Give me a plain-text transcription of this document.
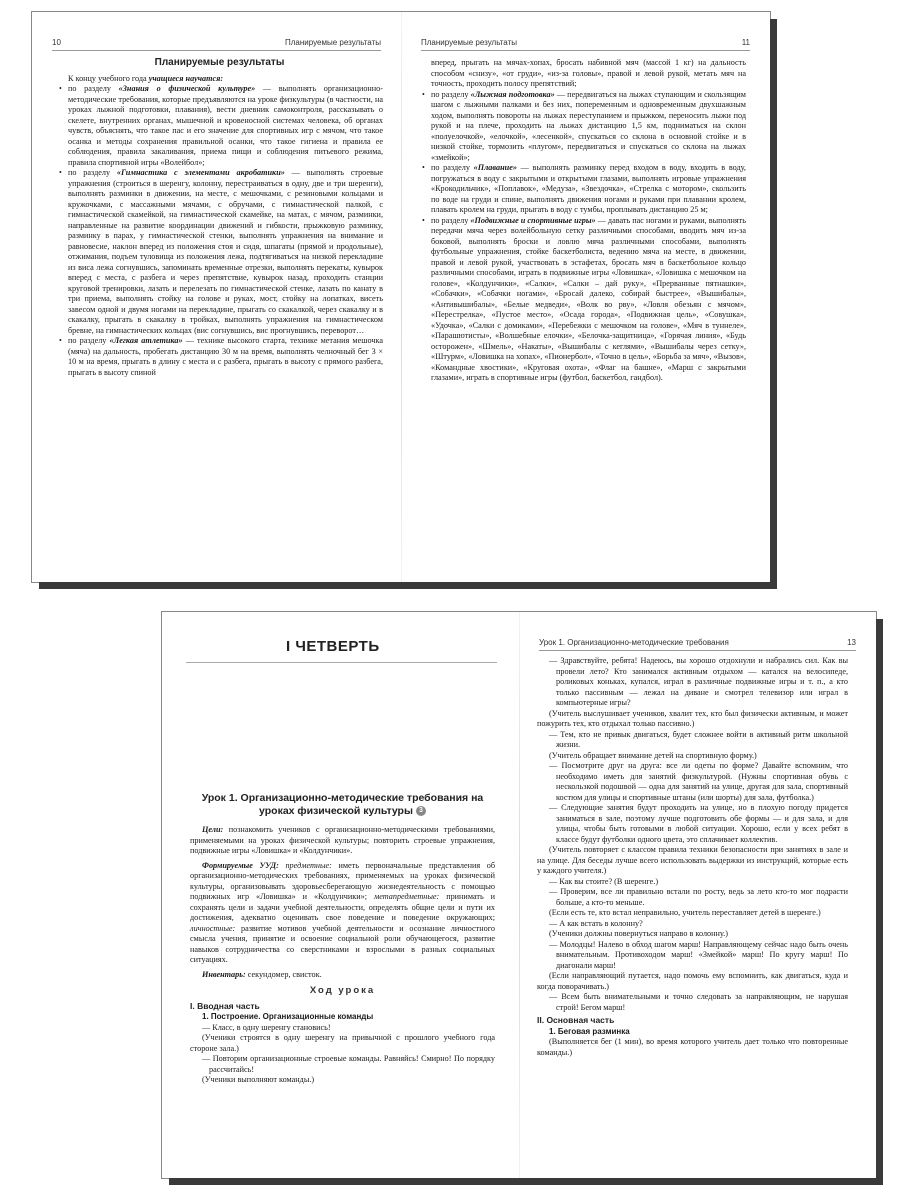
10	Планируемые результаты
Планируемые результаты

К концу учебного года учащиеся научатся:

• по разделу «Знания о физической культуре» — выполнять организационно-методические требования, которые предъявляются на уроке физкультуры (в частности, на уроках лыжной подготовки, плавания), вести дневник самоконтроля, рассказывать о скелете, внутренних органах, мышечной и кровеносной системах человека, об органах чувств, объяснять, что такое пас и его значение для спортивных игр с мячом, что такое осанка и методы сохранения правильной осанки, что такое гигиена и правила ее соблюдения, правила закаливания, приема пищи и соблюдения питьевого режима, правила спортивной игры «Волейбол»;

• по разделу «Гимнастика с элементами акробатики» — выполнять строевые упражнения (строиться в шеренгу, колонну, перестраиваться в одну, две и три шеренги), выполнять разминки в движении, на месте, с мешочками, с резиновыми кольцами и кружочками, с массажными мячами, с обручами, с гимнастической палкой, с гимнастической скамейкой, на гимнастической скамейке, на матах, с мячом, разминки, направленные на развитие координации движений и гибкости, прыжковую разминку, разминку в парах, у гимнастической стенки, выполнять упражнения на внимание и равновесие, наклон вперед из положения стоя и сидя, шпагаты (прямой и продольные), отжимания, подъем туловища из положения лежа, подтягиваться на низкой перекладине из виса лежа согнувшись, запоминать временные отрезки, выполнять перекаты, кувырок вперед с места, с разбега и через препятствие, кувырок назад, проходить станции круговой тренировки, лазать и перелезать по гимнастической стенке, лазать по канату в три приема, выполнять стойку на голове и руках, мост, стойку на лопатках, висеть завесом одной и двумя ногами на перекладине, прыгать со скакалкой, через скакалку и в скакалку, прыгать в скакалку в тройках, выполнять упражнения на гимнастическом бревне, на гимнастических кольцах (вис согнувшись, вис прогнувшись, переворот…

• по разделу «Легкая атлетика» — технике высокого старта, технике метания мешочка (мяча) на дальность, пробегать дистанцию 30 м на время, выполнять челночный бег 3 × 10 м на время, прыгать в длину с места и с разбега, прыгать в высоту с прямого разбега, прыгать в высоту спиной

Планируемые результаты	11

вперед, прыгать на мячах-хопах, бросать набивной мяч (массой 1 кг) на дальность способом «снизу», «от груди», «из-за головы», правой и левой рукой, метать мяч на точность, проходить полосу препятствий;

• по разделу «Лыжная подготовка» — передвигаться на лыжах ступающим и скользящим шагом с лыжными палками и без них, попеременным и одновременным двухшажным ходом, выполнять повороты на лыжах переступанием и прыжком, переносить лыжи под рукой и на плече, проходить на лыжах дистанцию 1,5 км, подниматься на склон «полуелочкой», «елочкой», «лесенкой», спускаться со склона в основной стойке и в низкой стойке, тормозить «плугом», передвигаться и спускаться со склона на лыжах «змейкой»;

• по разделу «Плавание» — выполнять разминку перед входом в воду, входить в воду, погружаться в воду с закрытыми и открытыми глазами, выполнять игровые упражнения «Крокодильчик», «Поплавок», «Медуза», «Звездочка», «Стрелка с мотором», скользить по воде на груди и спине, выполнять движения ногами и руками при плавании кролем, плавать кролем на груди, прыгать в воду с тумбы, проплывать дистанцию 25 м;

• по разделу «Подвижные и спортивные игры» — давать пас ногами и руками, выполнять передачи мяча через волейбольную сетку различными способами, вводить мяч из-за боковой, выполнять броски и ловлю мяча различными способами, выполнять футбольные упражнения, стойке баскетболиста, ведению мяча на месте, в движении, правой и левой рукой, участвовать в эстафетах, бросать мяч в баскетбольное кольцо различными способами, играть в подвижные игры «Ловишка», «Ловишка с мешочком на голове», «Колдунчики», «Салки», «Салки – дай руку», «Прерванные пятнашки», «Собачки», «Собачки ногами», «Бросай далеко, собирай быстрее», «Вышибалы», «Антивышибалы», «Белые медведи», «Волк во рву», «Ловля обезьян с мячом», «Перестрелка», «Пустое место», «Осада города», «Подвижная цель», «Совушка», «Удочка», «Салки с домиками», «Перебежки с мешочком на голове», «Мяч в туннеле», «Парашютисты», «Волшебные елочки», «Белочка-защитница», «Горячая линия», «Будь осторожен», «Шмель», «Накаты», «Вышибалы с кеглями», «Вышибалы через сетку», «Штурм», «Ловишка на хопах», «Пионербол», «Точно в цель», «Борьба за мяч», «Вызов», «Командные хвостики», «Круговая охота», «Флаг на башне», «Марш с закрытыми глазами», играть в спортивные игры (футбол, баскетбол, гандбол).

I ЧЕТВЕРТЬ
Урок 1. Организационно-методические требования на уроках физической культуры 3

Цели: познакомить учеников с организационно-методическими требованиями, применяемыми на уроках физической культуры; повторить строевые упражнения, подвижные игры «Ловишка» и «Колдунчики».

Формируемые УУД: предметные: иметь первоначальные представления об организационно-методических требованиях, применяемых на уроках физической культуры, организовывать здоровьесберегающую жизнедеятельность с помощью подвижных игр «Ловишка» и «Колдунчики»; метапредметные: принимать и сохранять цели и задачи учебной деятельности, определять общие цели и пути их достижения, адекватно оценивать свое поведение и поведение окружающих; личностные: развитие мотивов учебной деятельности и осознание личностного смысла учения, принятие и освоение социальной роли обучающегося, развитие навыков сотрудничества со сверстниками и взрослыми в разных социальных ситуациях.

Инвентарь: секундомер, свисток.

Ход урока
I. Вводная часть
1. Построение. Организационные команды

— Класс, в одну шеренгу становись!

(Ученики строятся в одну шеренгу на привычной с прошлого учебного года стороне зала.)

— Повторим организационные строевые команды. Равняйсь! Смирно! По порядку рассчитайсь!

(Ученики выполняют команды.)

Урок 1. Организационно-методические требования	13

— Здравствуйте, ребята! Надеюсь, вы хорошо отдохнули и набрались сил. Как вы провели лето? Кто занимался активным отдыхом — катался на велосипеде, роликовых коньках, купался, играл в различные подвижные игры и т. п., а кто только пассивным — лежал на диване и смотрел телевизор или играл в компьютерные игры?

(Учитель выслушивает учеников, хвалит тех, кто был физически активным, и может пожурить тех, кто отдыхал только пассивно.)

— Тем, кто не привык двигаться, будет сложнее войти в активный ритм школьной жизни.

(Учитель обращает внимание детей на спортивную форму.)

— Посмотрите друг на друга: все ли одеты по форме? Давайте вспомним, что необходимо иметь для занятий физкультурой. (Нужны спортивная обувь с нескользкой подошвой — одна для занятий на улице, другая для зала, спортивный костюм для улицы и спортивные штаны (или шорты) для зала, футболка.)

— Следующие занятия будут проходить на улице, но в плохую погоду придется заниматься в зале, поэтому лучше подготовить обе формы — и для зала, и для улицы, чтобы быть готовыми в любой ситуации. Хорошо, если у всех ребят в классе будут футболки одного цвета, это сплачивает коллектив.

(Учитель повторяет с классом правила техники безопасности при занятиях в зале и на улице. Для беседы лучше всего использовать выдержки из инструкций, которые есть у каждого учителя.)

— Как вы стоите? (В шеренге.)

— Проверим, все ли правильно встали по росту, ведь за лето кто-то мог подрасти больше, а кто-то меньше.

(Если есть те, кто встал неправильно, учитель переставляет детей в шеренге.)

— А как встать в колонну?

(Ученики должны повернуться направо в колонну.)

— Молодцы! Налево в обход шагом марш! Направляющему сейчас надо быть очень внимательным. Противоходом марш! «Змейкой» марш! По кругу марш! По диагонали марш!

(Если направляющий путается, надо помочь ему вспомнить, как двигаться, куда и когда поворачивать.)

— Всем быть внимательными и точно следовать за направляющим, не нарушая строй! Бегом марш!

II. Основная часть
1. Беговая разминка

(Выполняется бег (1 мин), во время которого учитель дает только что повторенные команды.)
